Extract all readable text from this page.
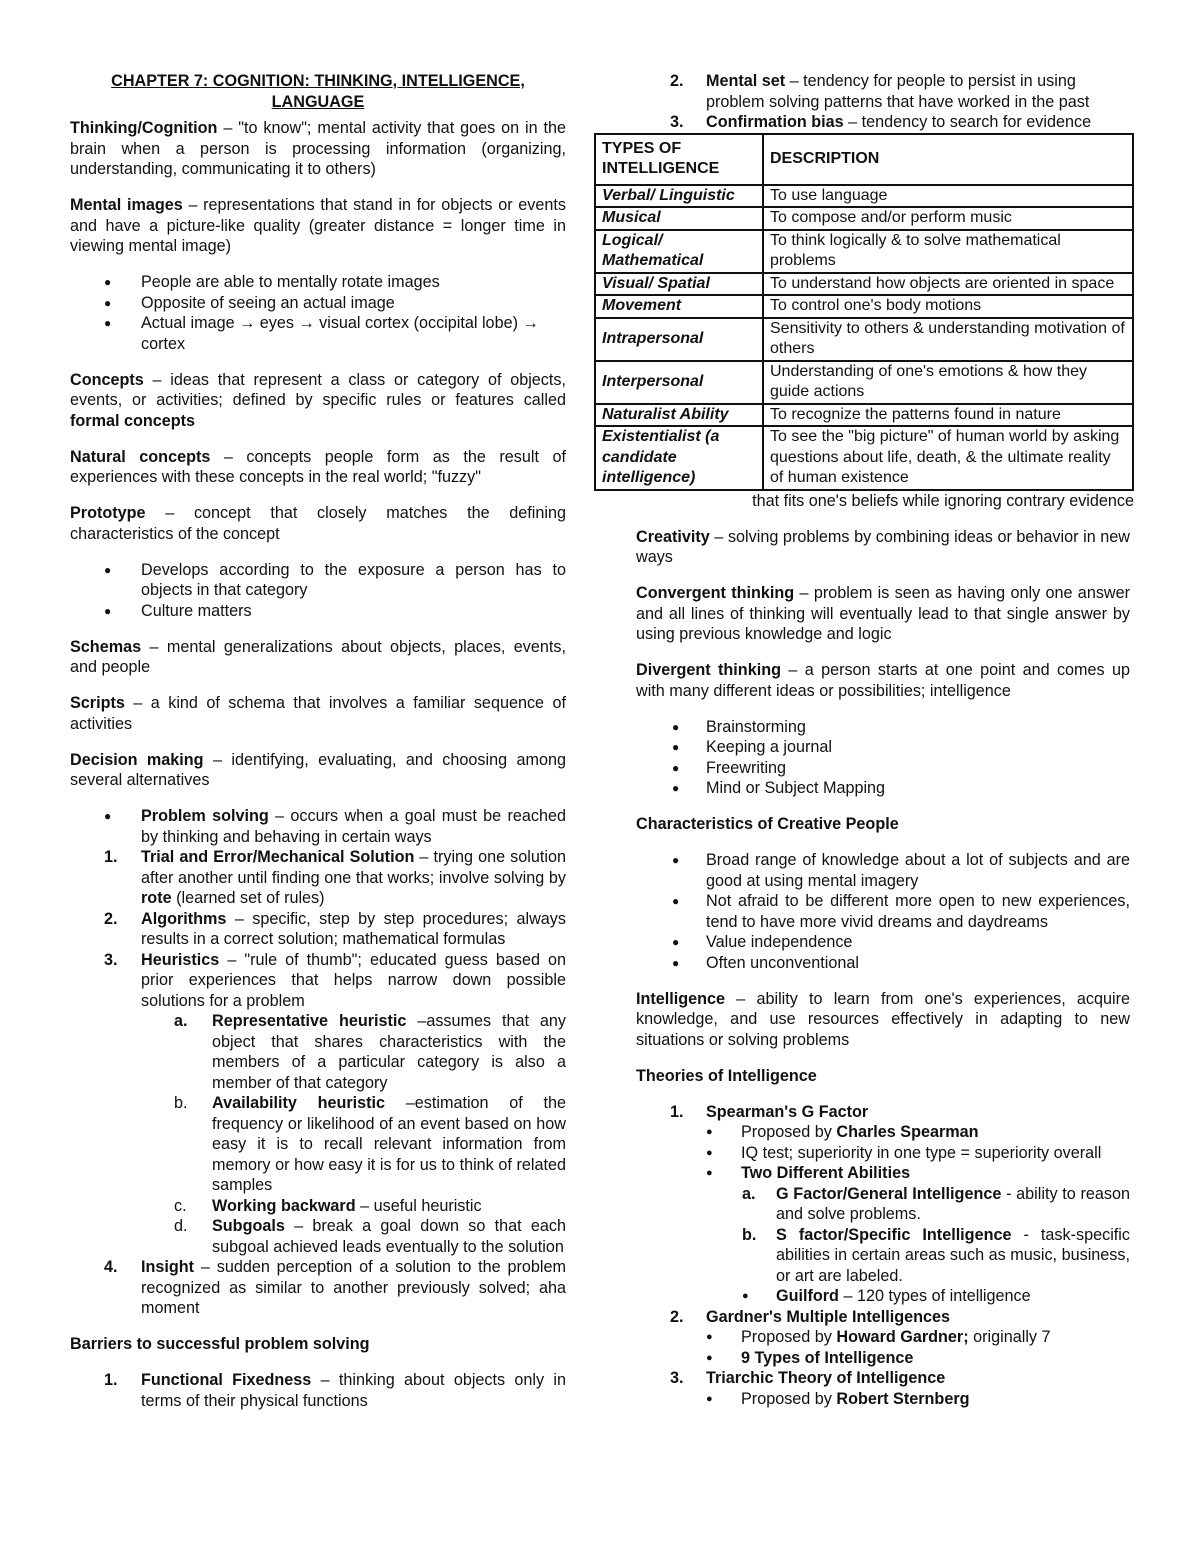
CHAPTER 7: COGNITION: THINKING, INTELLIGENCE,
LANGUAGE

Thinking/Cognition – "to know"; mental activity that goes on in the brain when a person is processing information (organizing, understanding, communicating it to others)

Mental images – representations that stand in for objects or events and have a picture-like quality (greater distance = longer time in viewing mental image)

● People are able to mentally rotate images

● Opposite of seeing an actual image

● Actual image → eyes → visual cortex (occipital lobe) → cortex

Concepts – ideas that represent a class or category of objects, events, or activities; defined by specific rules or features called formal concepts

Natural concepts – concepts people form as the result of experiences with these concepts in the real world; "fuzzy"

Prototype – concept that closely matches the defining characteristics of the concept

● Develops according to the exposure a person has to objects in that category

● Culture matters

Schemas – mental generalizations about objects, places, events, and people

Scripts – a kind of schema that involves a familiar sequence of activities

Decision making – identifying, evaluating, and choosing among several alternatives

● Problem solving – occurs when a goal must be reached by thinking and behaving in certain ways

1. Trial and Error/Mechanical Solution – trying one solution after another until finding one that works; involve solving by rote (learned set of rules)

2. Algorithms – specific, step by step procedures; always results in a correct solution; mathematical formulas

3. Heuristics – "rule of thumb"; educated guess based on prior experiences that helps narrow down possible solutions for a problem

a. Representative heuristic –assumes that any object that shares characteristics with the members of a particular category is also a member of that category

b. Availability heuristic –estimation of the frequency or likelihood of an event based on how easy it is to recall relevant information from memory or how easy it is for us to think of related samples

c. Working backward – useful heuristic

d. Subgoals – break a goal down so that each subgoal achieved leads eventually to the solution

4. Insight – sudden perception of a solution to the problem recognized as similar to another previously solved; aha moment

Barriers to successful problem solving

1. Functional Fixedness – thinking about objects only in terms of their physical functions

2. Mental set – tendency for people to persist in using problem solving patterns that have worked in the past

3. Confirmation bias – tendency to search for evidence

TYPES OF INTELLIGENCE	DESCRIPTION
Verbal/ Linguistic	To use language
Musical	To compose and/or perform music
Logical/ Mathematical	To think logically & to solve mathematical problems
Visual/ Spatial	To understand how objects are oriented in space
Movement	To control one's body motions
Intrapersonal	Sensitivity to others & understanding motivation of others
Interpersonal	Understanding of one's emotions & how they guide actions
Naturalist Ability	To recognize the patterns found in nature
Existentialist (a candidate intelligence)	To see the "big picture" of human world by asking questions about life, death, & the ultimate reality of human existence

that fits one's beliefs while ignoring contrary evidence

Creativity – solving problems by combining ideas or behavior in new ways

Convergent thinking – problem is seen as having only one answer and all lines of thinking will eventually lead to that single answer by using previous knowledge and logic

Divergent thinking – a person starts at one point and comes up with many different ideas or possibilities; intelligence

● Brainstorming

● Keeping a journal

● Freewriting

● Mind or Subject Mapping

Characteristics of Creative People

● Broad range of knowledge about a lot of subjects and are good at using mental imagery

● Not afraid to be different more open to new experiences, tend to have more vivid dreams and daydreams

● Value independence

● Often unconventional

Intelligence – ability to learn from one's experiences, acquire knowledge, and use resources effectively in adapting to new situations or solving problems

Theories of Intelligence

1. Spearman's G Factor

● Proposed by Charles Spearman

● IQ test; superiority in one type = superiority overall

● Two Different Abilities

a. G Factor/General Intelligence - ability to reason and solve problems.

b. S factor/Specific Intelligence - task-specific abilities in certain areas such as music, business, or art are labeled.

● Guilford – 120 types of intelligence

2. Gardner's Multiple Intelligences

● Proposed by Howard Gardner; originally 7

● 9 Types of Intelligence

3. Triarchic Theory of Intelligence

● Proposed by Robert Sternberg
